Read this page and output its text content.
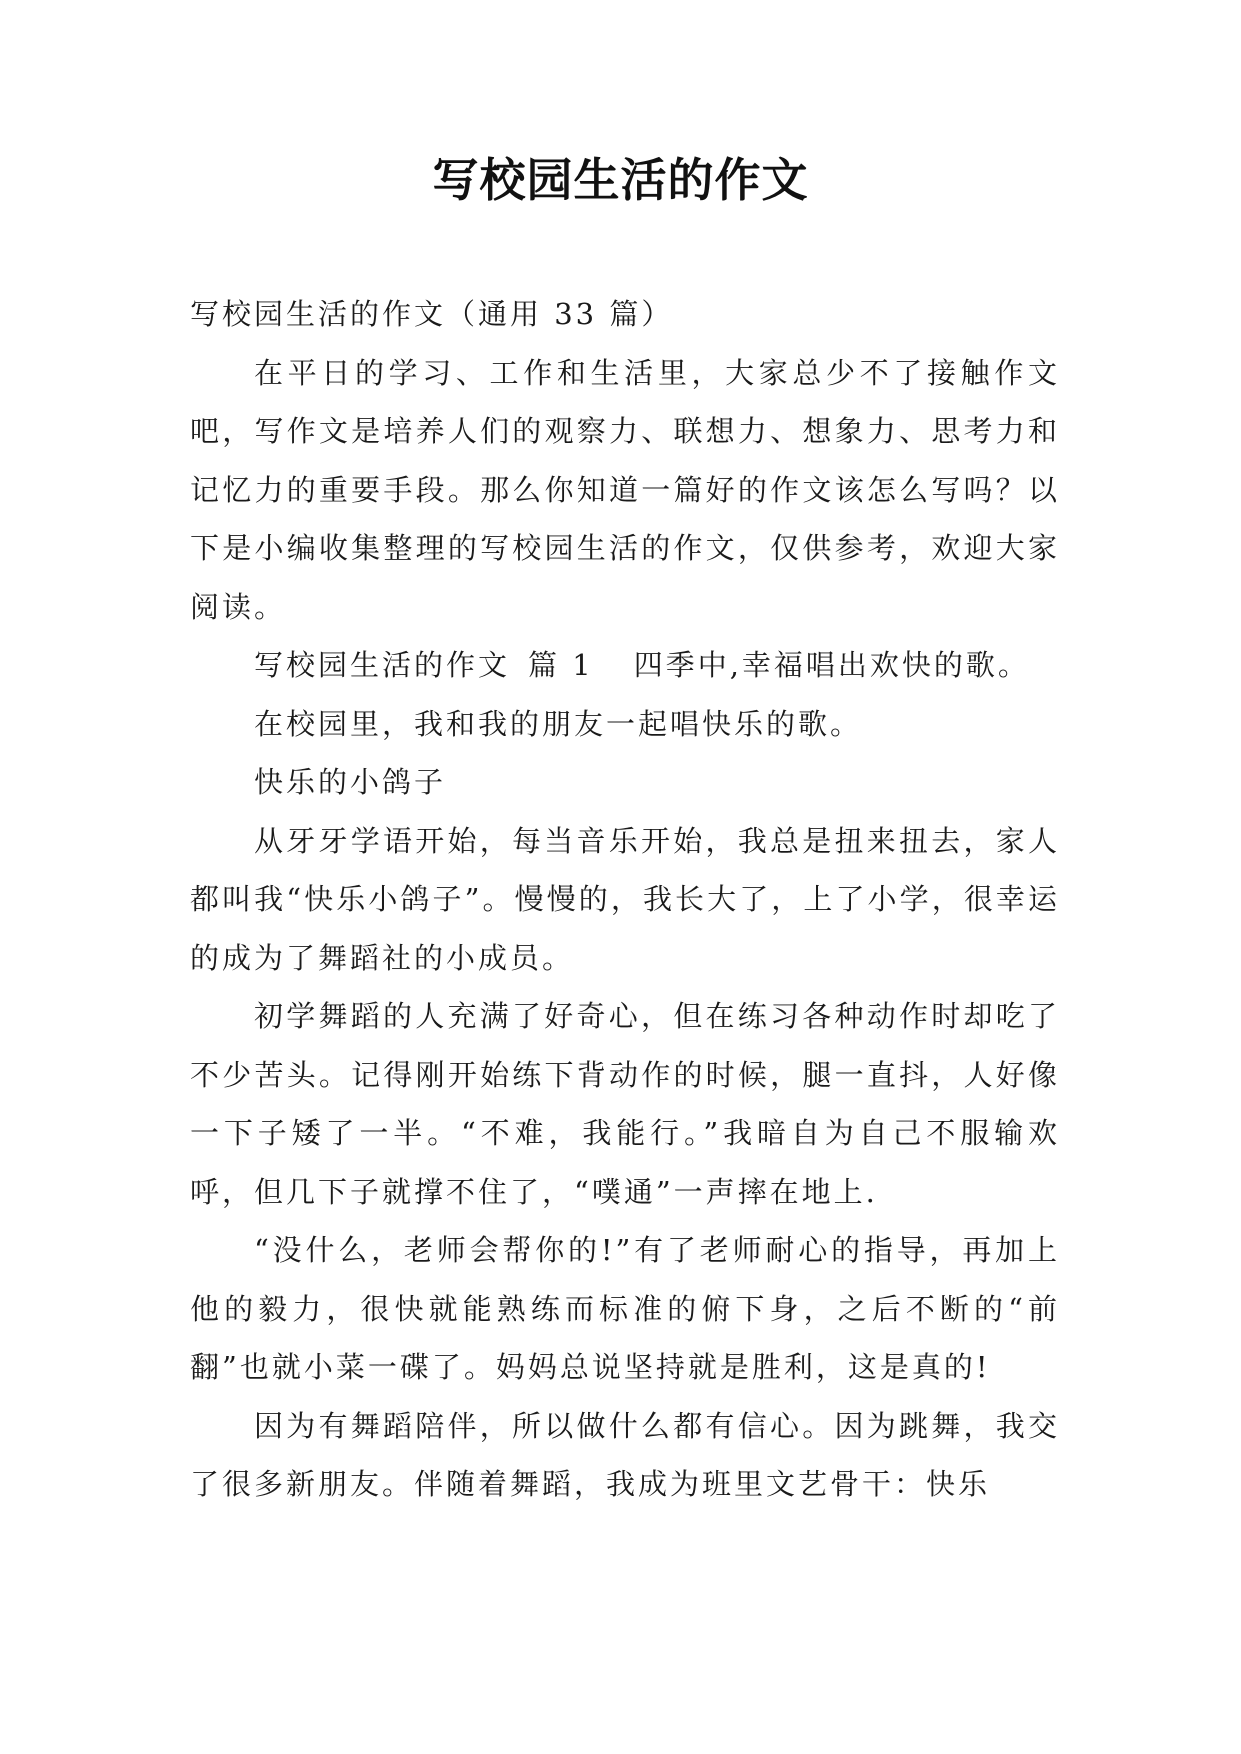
写校园生活的作文

写校园生活的作文（通用 33 篇）

在平日的学习、工作和生活里，大家总少不了接触作文吧，写作文是培养人们的观察力、联想力、想象力、思考力和记忆力的重要手段。那么你知道一篇好的作文该怎么写吗？以下是小编收集整理的写校园生活的作文，仅供参考，欢迎大家阅读。

写校园生活的作文 篇 1 四季中,幸福唱出欢快的歌。

在校园里，我和我的朋友一起唱快乐的歌。

快乐的小鸽子

从牙牙学语开始，每当音乐开始，我总是扭来扭去，家人都叫我“快乐小鸽子”。慢慢的，我长大了，上了小学，很幸运的成为了舞蹈社的小成员。

初学舞蹈的人充满了好奇心，但在练习各种动作时却吃了不少苦头。记得刚开始练下背动作的时候，腿一直抖，人好像一下子矮了一半。“不难，我能行。”我暗自为自己不服输欢呼，但几下子就撑不住了，“噗通”一声摔在地上.

“没什么，老师会帮你的!”有了老师耐心的指导，再加上他的毅力，很快就能熟练而标准的俯下身，之后不断的“前翻”也就小菜一碟了。妈妈总说坚持就是胜利，这是真的!

因为有舞蹈陪伴，所以做什么都有信心。因为跳舞，我交了很多新朋友。伴随着舞蹈，我成为班里文艺骨干：快乐
